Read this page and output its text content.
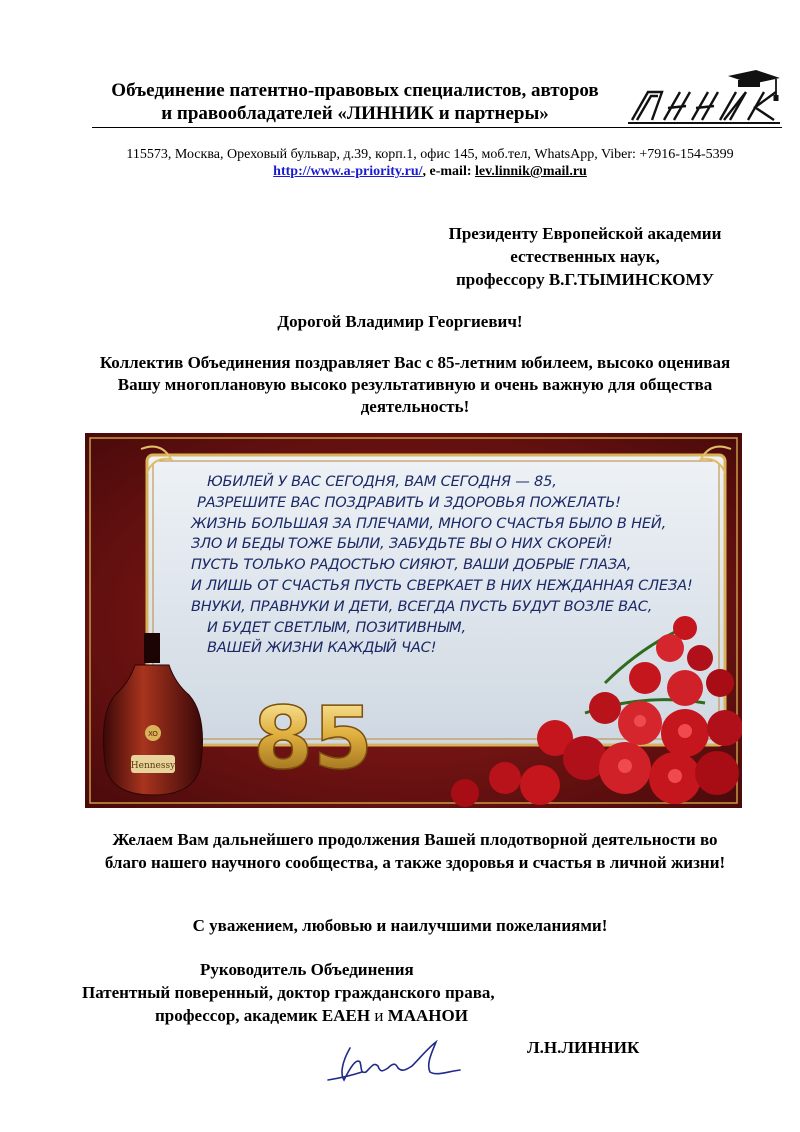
Объединение патентно-правовых специалистов, авторов
и правообладателей «ЛИННИК и партнеры»
115573, Москва, Ореховый бульвар, д.39, корп.1, офис 145, моб.тел, WhatsApp, Viber: +7916-154-5399
http://www.a-priority.ru/, e-mail: lev.linnik@mail.ru
Президенту Европейской академии
естественных наук,
профессору В.Г.ТЫМИНСКОМУ
Дорогой Владимир Георгиевич!
Коллектив Объединения поздравляет Вас с 85-летним юбилеем, высоко оценивая Вашу многоплановую высоко результативную и очень важную для общества деятельность!
Hennessy
XO 85
ЮБИЛЕЙ У ВАС СЕГОДНЯ, ВАМ СЕГОДНЯ — 85,
РАЗРЕШИТЕ ВАС ПОЗДРАВИТЬ И ЗДОРОВЬЯ ПОЖЕЛАТЬ!
ЖИЗНЬ БОЛЬШАЯ ЗА ПЛЕЧАМИ, МНОГО СЧАСТЬЯ БЫЛО В НЕЙ,
ЗЛО И БЕДЫ ТОЖЕ БЫЛИ, ЗАБУДЬТЕ ВЫ О НИХ СКОРЕЙ!
ПУСТЬ ТОЛЬКО РАДОСТЬЮ СИЯЮТ, ВАШИ ДОБРЫЕ ГЛАЗА,
И ЛИШЬ ОТ СЧАСТЬЯ ПУСТЬ СВЕРКАЕТ В НИХ НЕЖДАННАЯ СЛЕЗА!
ВНУКИ, ПРАВНУКИ И ДЕТИ, ВСЕГДА ПУСТЬ БУДУТ ВОЗЛЕ ВАС,
И БУДЕТ СВЕТЛЫМ, ПОЗИТИВНЫМ,
ВАШЕЙ ЖИЗНИ КАЖДЫЙ ЧАС!
Желаем Вам дальнейшего продолжения Вашей плодотворной деятельности во благо нашего научного сообщества, а также здоровья и счастья в личной жизни!
С уважением, любовью и наилучшими пожеланиями!
Руководитель Объединения
Патентный поверенный, доктор гражданского права,
профессор, академик ЕАЕН и МААНОИ
Л.Н.ЛИННИК
